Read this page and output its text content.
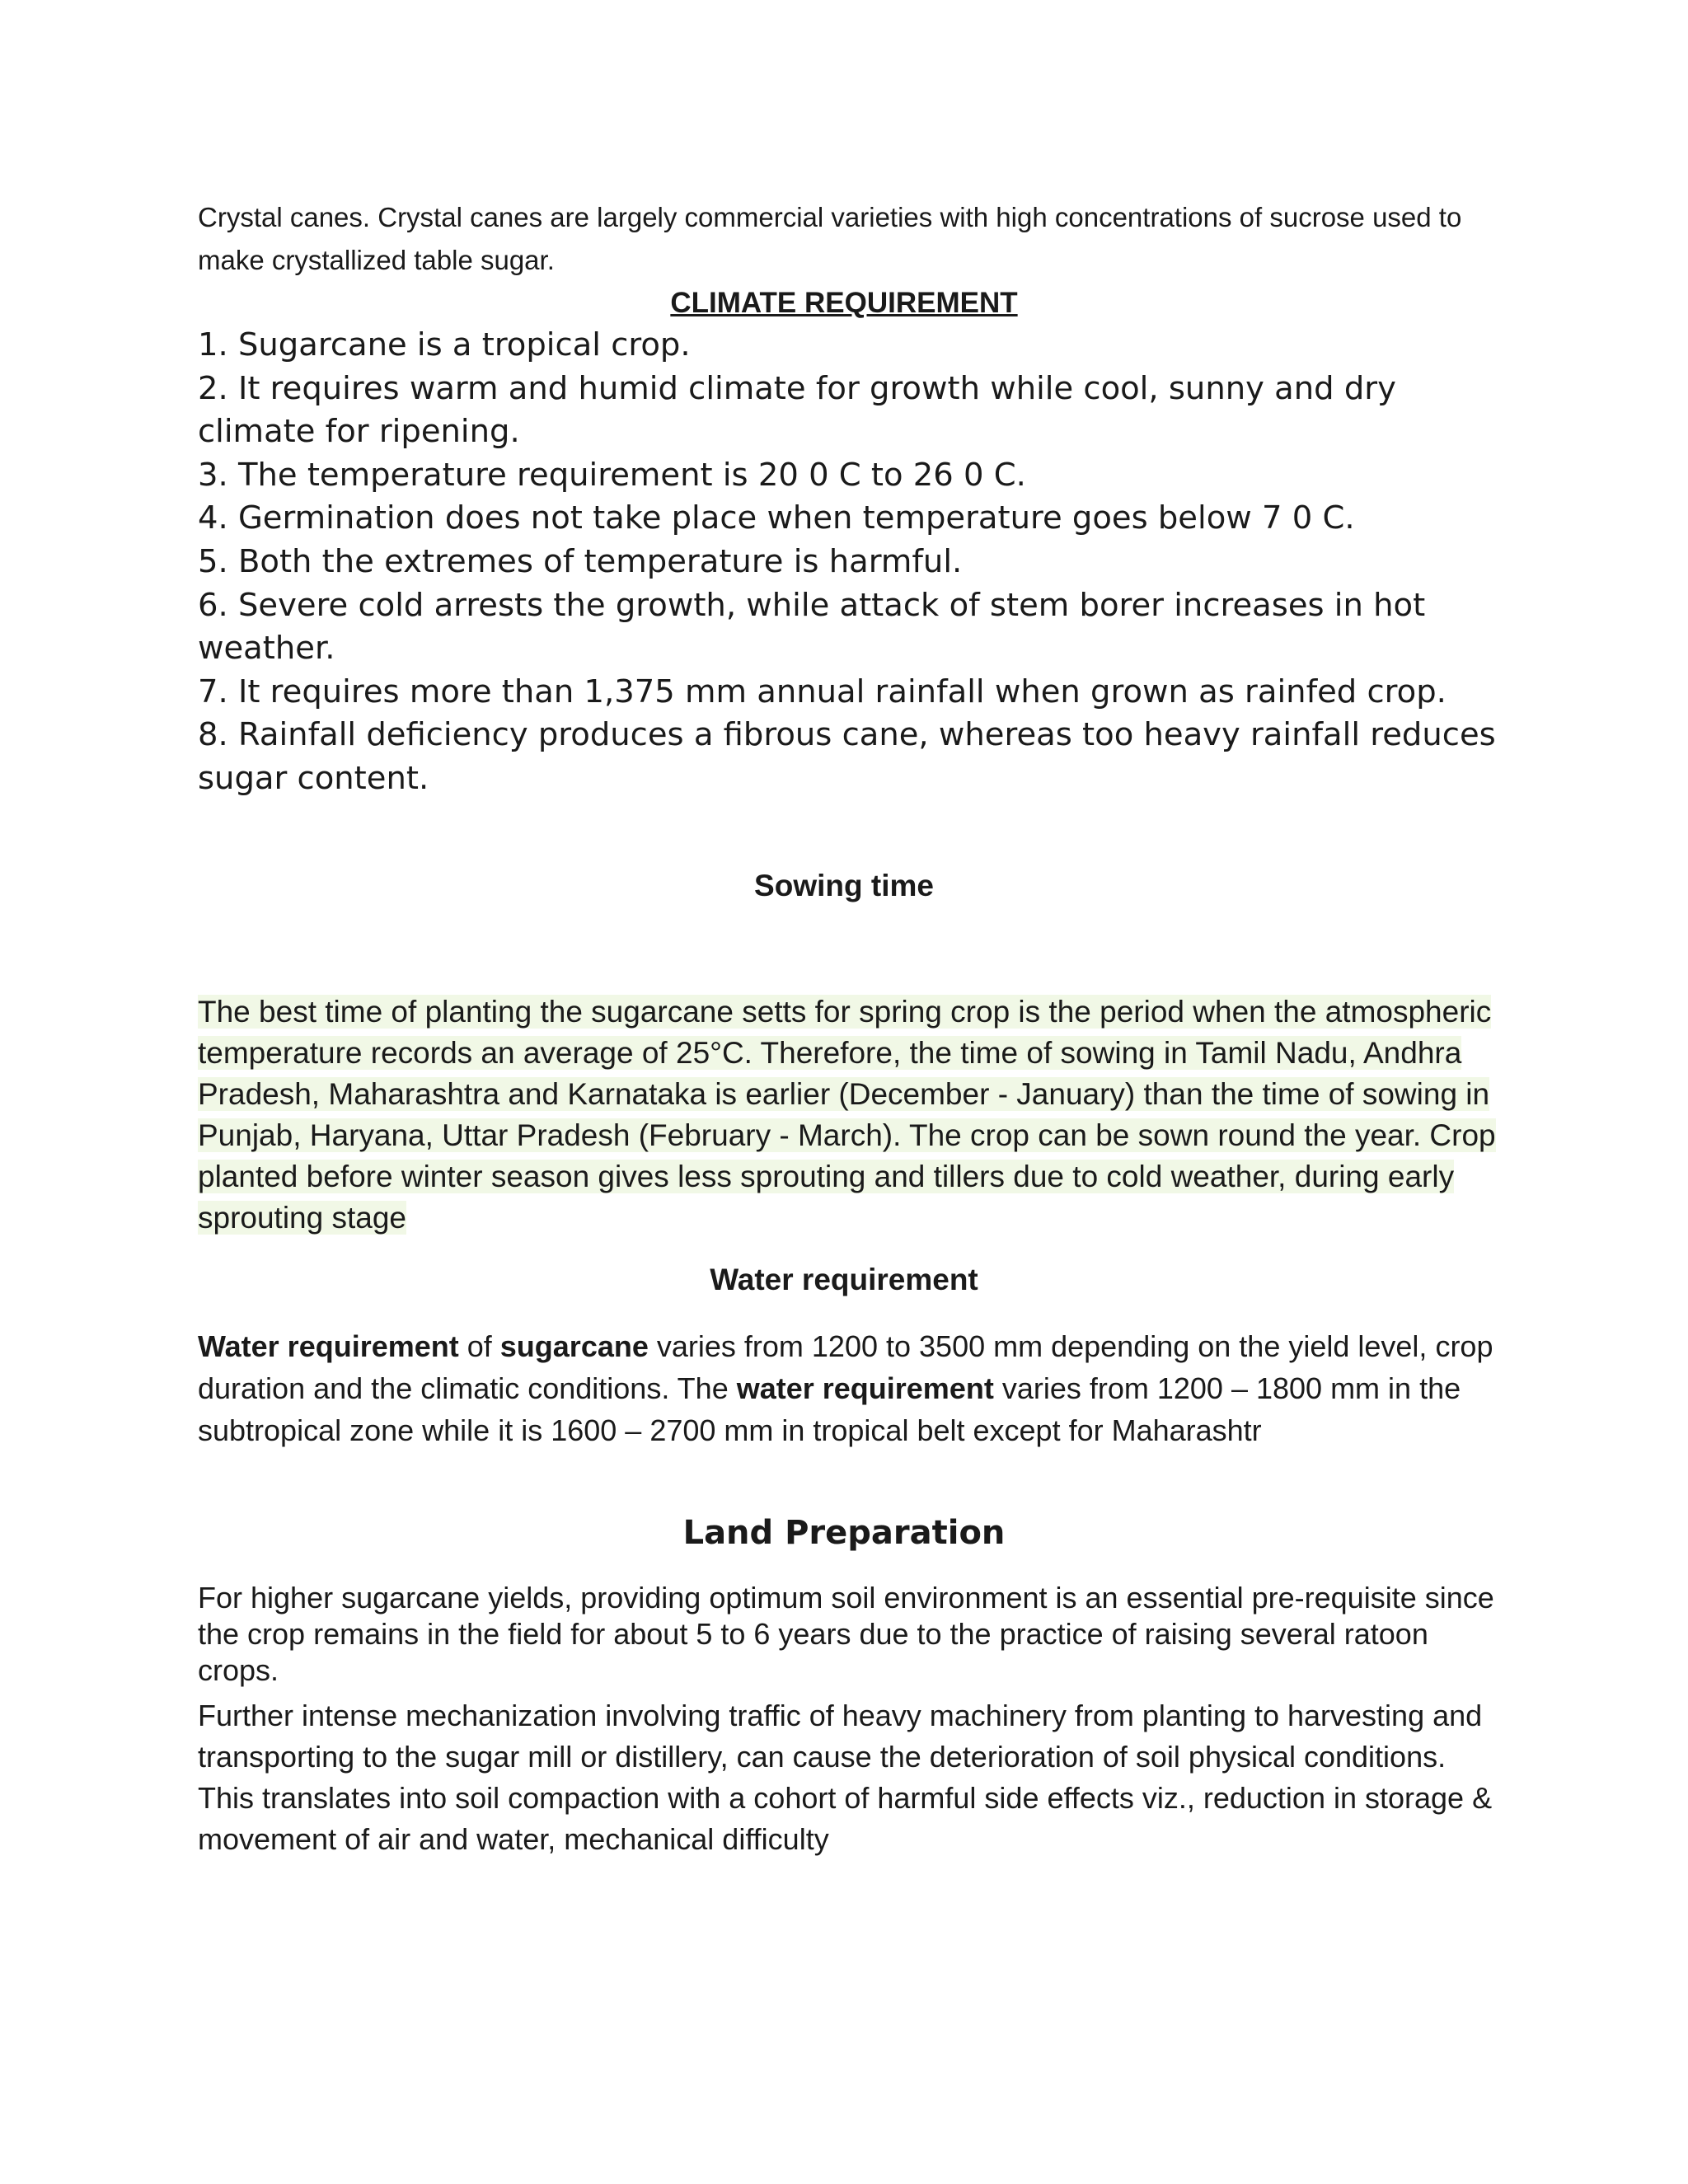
Crystal canes. Crystal canes are largely commercial varieties with high concentrations of sucrose used to make crystallized table sugar.

CLIMATE REQUIREMENT
1. Sugarcane is a tropical crop.
2. It requires warm and humid climate for growth while cool, sunny and dry climate for ripening.
3. The temperature requirement is 20 0 C to 26 0 C.
4. Germination does not take place when temperature goes below 7 0 C.
5. Both the extremes of temperature is harmful.
6. Severe cold arrests the growth, while attack of stem borer increases in hot weather.
7. It requires more than 1,375 mm annual rainfall when grown as rainfed crop.
8. Rainfall deficiency produces a fibrous cane, whereas too heavy rainfall reduces sugar content.
Sowing time

The best time of planting the sugarcane setts for spring crop is the period when the atmospheric temperature records an average of 25°C. Therefore, the time of sowing in Tamil Nadu, Andhra Pradesh, Maharashtra and Karnataka is earlier (December - January) than the time of sowing in Punjab, Haryana, Uttar Pradesh (February - March). The crop can be sown round the year. Crop planted before winter season gives less sprouting and tillers due to cold weather, during early sprouting stage

Water requirement

Water requirement of sugarcane varies from 1200 to 3500 mm depending on the yield level, crop duration and the climatic conditions. The water requirement varies from 1200 – 1800 mm in the subtropical zone while it is 1600 – 2700 mm in tropical belt except for Maharashtr

Land Preparation

For higher sugarcane yields, providing optimum soil environment is an essential pre-requisite since the crop remains in the field for about 5 to 6 years due to the practice of raising several ratoon crops.

Further intense mechanization involving traffic of heavy machinery from planting to harvesting and transporting to the sugar mill or distillery, can cause the deterioration of soil physical conditions. This translates into soil compaction with a cohort of harmful side effects viz., reduction in storage & movement of air and water, mechanical difficulty
